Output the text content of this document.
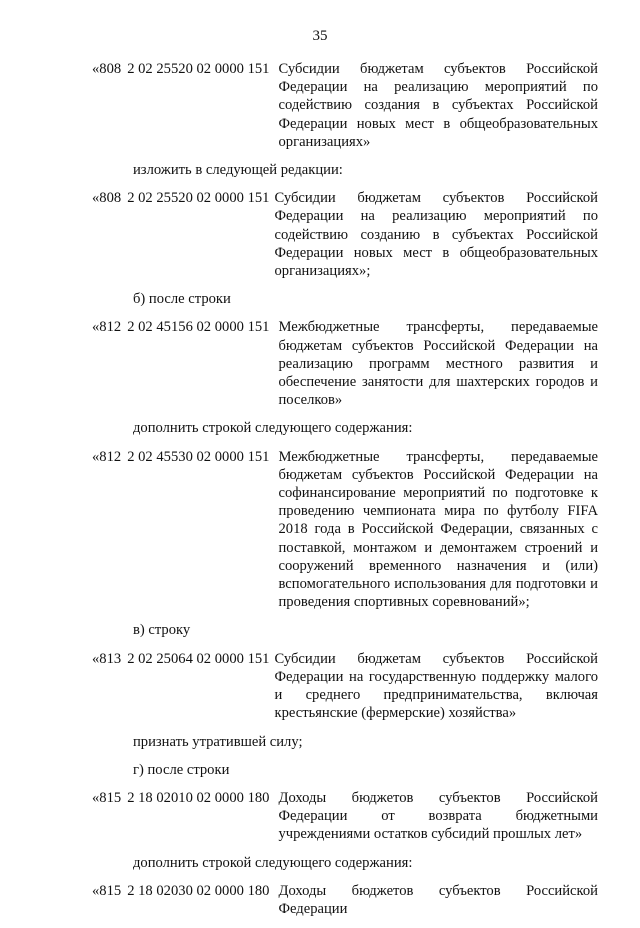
35
«808 2 02 25520 02 0000 151 Субсидии бюджетам субъектов Российской Федерации на реализацию мероприятий по содействию создания в субъектах Российской Федерации новых мест в общеобразовательных организациях»
изложить в следующей редакции:
«808 2 02 25520 02 0000 151 Субсидии бюджетам субъектов Российской Федерации на реализацию мероприятий по содействию созданию в субъектах Российской Федерации новых мест в общеобразовательных организациях»;
б) после строки
«812 2 02 45156 02 0000 151 Межбюджетные трансферты, передаваемые бюджетам субъектов Российской Федерации на реализацию программ местного развития и обеспечение занятости для шахтерских городов и поселков»
дополнить строкой следующего содержания:
«812 2 02 45530 02 0000 151 Межбюджетные трансферты, передаваемые бюджетам субъектов Российской Федерации на софинансирование мероприятий по подготовке к проведению чемпионата мира по футболу FIFA 2018 года в Российской Федерации, связанных с поставкой, монтажом и демонтажем строений и сооружений временного назначения и (или) вспомогательного использования для подготовки и проведения спортивных соревнований»;
в) строку
«813 2 02 25064 02 0000 151 Субсидии бюджетам субъектов Российской Федерации на государственную поддержку малого и среднего предпринимательства, включая крестьянские (фермерские) хозяйства»
признать утратившей силу;
г) после строки
«815 2 18 02010 02 0000 180 Доходы бюджетов субъектов Российской Федерации от возврата бюджетными учреждениями остатков субсидий прошлых лет»
дополнить строкой следующего содержания:
«815 2 18 02030 02 0000 180 Доходы бюджетов субъектов Российской Федерации
